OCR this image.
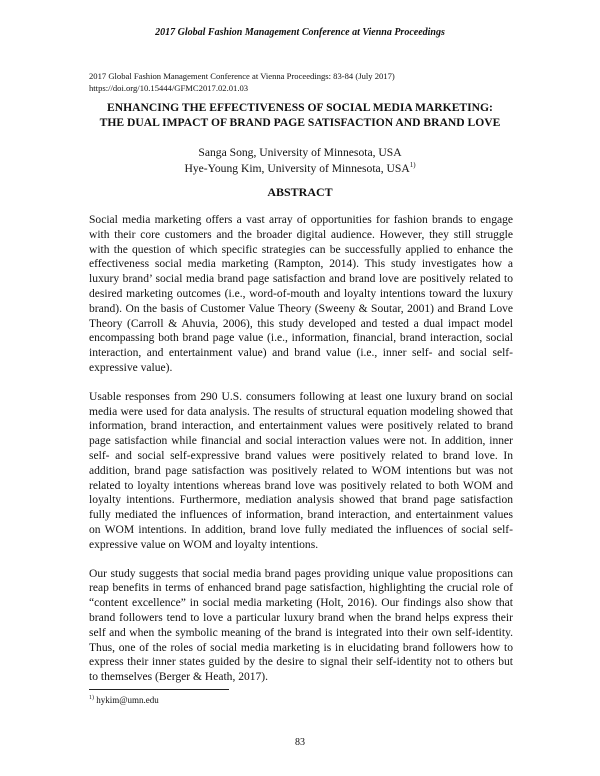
2017 Global Fashion Management Conference at Vienna Proceedings
2017 Global Fashion Management Conference at Vienna Proceedings: 83-84 (July 2017)
https://doi.org/10.15444/GFMC2017.02.01.03
ENHANCING THE EFFECTIVENESS OF SOCIAL MEDIA MARKETING:
THE DUAL IMPACT OF BRAND PAGE SATISFACTION AND BRAND LOVE
Sanga Song, University of Minnesota, USA
Hye-Young Kim, University of Minnesota, USA$^{1)}$
ABSTRACT

Social media marketing offers a vast array of opportunities for fashion brands to engage with their core customers and the broader digital audience. However, they still struggle with the question of which specific strategies can be successfully applied to enhance the effectiveness social media marketing (Rampton, 2014). This study investigates how a luxury brand’ social media brand page satisfaction and brand love are positively related to desired marketing outcomes (i.e., word-of-mouth and loyalty intentions toward the luxury brand). On the basis of Customer Value Theory (Sweeny & Soutar, 2001) and Brand Love Theory (Carroll & Ahuvia, 2006), this study developed and tested a dual impact model encompassing both brand page value (i.e., information, financial, brand interaction, social interaction, and entertainment value) and brand value (i.e., inner self- and social self-expressive value).

Usable responses from 290 U.S. consumers following at least one luxury brand on social media were used for data analysis. The results of structural equation modeling showed that information, brand interaction, and entertainment values were positively related to brand page satisfaction while financial and social interaction values were not. In addition, inner self- and social self-expressive brand values were positively related to brand love. In addition, brand page satisfaction was positively related to WOM intentions but was not related to loyalty intentions whereas brand love was positively related to both WOM and loyalty intentions. Furthermore, mediation analysis showed that brand page satisfaction fully mediated the influences of information, brand interaction, and entertainment values on WOM intentions. In addition, brand love fully mediated the influences of social self-expressive value on WOM and loyalty intentions.

Our study suggests that social media brand pages providing unique value propositions can reap benefits in terms of enhanced brand page satisfaction, highlighting the crucial role of “content excellence” in social media marketing (Holt, 2016). Our findings also show that brand followers tend to love a particular luxury brand when the brand helps express their self and when the symbolic meaning of the brand is integrated into their own self-identity. Thus, one of the roles of social media marketing is in elucidating brand followers how to express their inner states guided by the desire to signal their self-identity not to others but to themselves (Berger & Heath, 2017).

$^{1)}$ hykim@umn.edu
83
